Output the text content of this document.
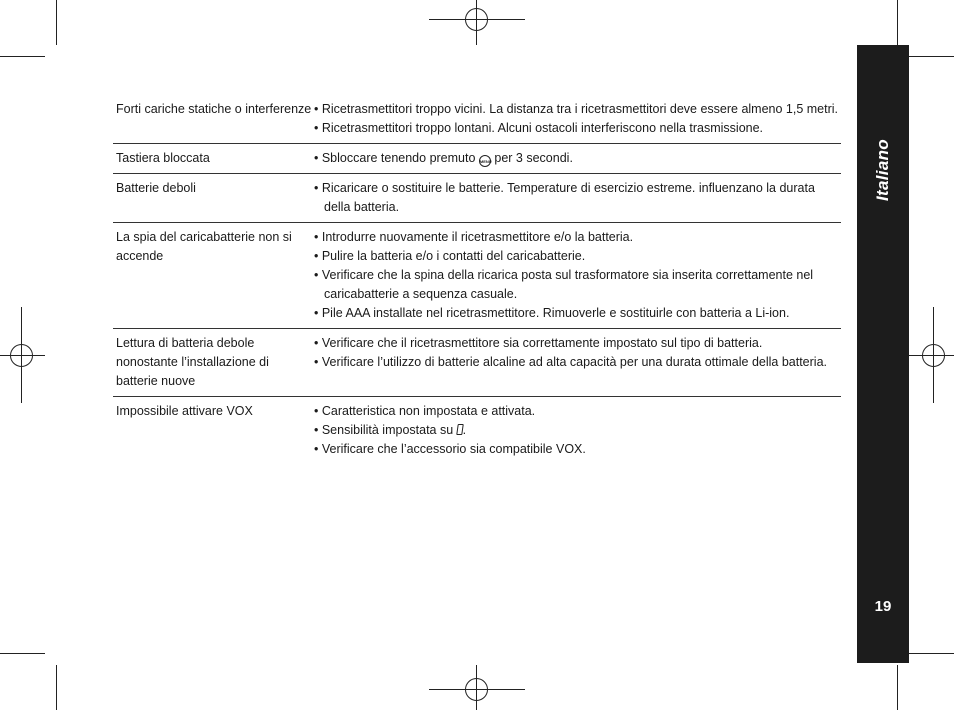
Italiano
19
Forti cariche statiche o interferenze • Ricetrasmettitori troppo vicini. La distanza tra i ricetrasmettitori deve essere almeno 1,5 metri.
• Ricetrasmettitori troppo lontani. Alcuni ostacoli interferiscono nella trasmissione.
Tastiera bloccata	• Sbloccare tenendo premuto MENU per 3 secondi.
Batterie deboli	• Ricaricare o sostituire le batterie. Temperature di esercizio estreme. influenzano la durata della batteria.
La spia del caricabatterie non si accende
• Introdurre nuovamente il ricetrasmettitore e/o la batteria.
• Pulire la batteria e/o i contatti del caricabatterie.
• Verificare che la spina della ricarica posta sul trasformatore sia inserita correttamente nel caricabatterie a sequenza casuale.
• Pile AAA installate nel ricetrasmettitore. Rimuoverle e sostituirle con batteria a Li-ion.
Lettura di batteria debole nonostante l’installazione di batterie nuove
• Verificare che il ricetrasmettitore sia correttamente impostato sul tipo di batteria.
• Verificare l’utilizzo di batterie alcaline ad alta capacità per una durata ottimale della batteria.
Impossibile attivare VOX	• Caratteristica non impostata e attivata.
• Sensibilità impostata su .
• Verificare che l’accessorio sia compatibile VOX.
